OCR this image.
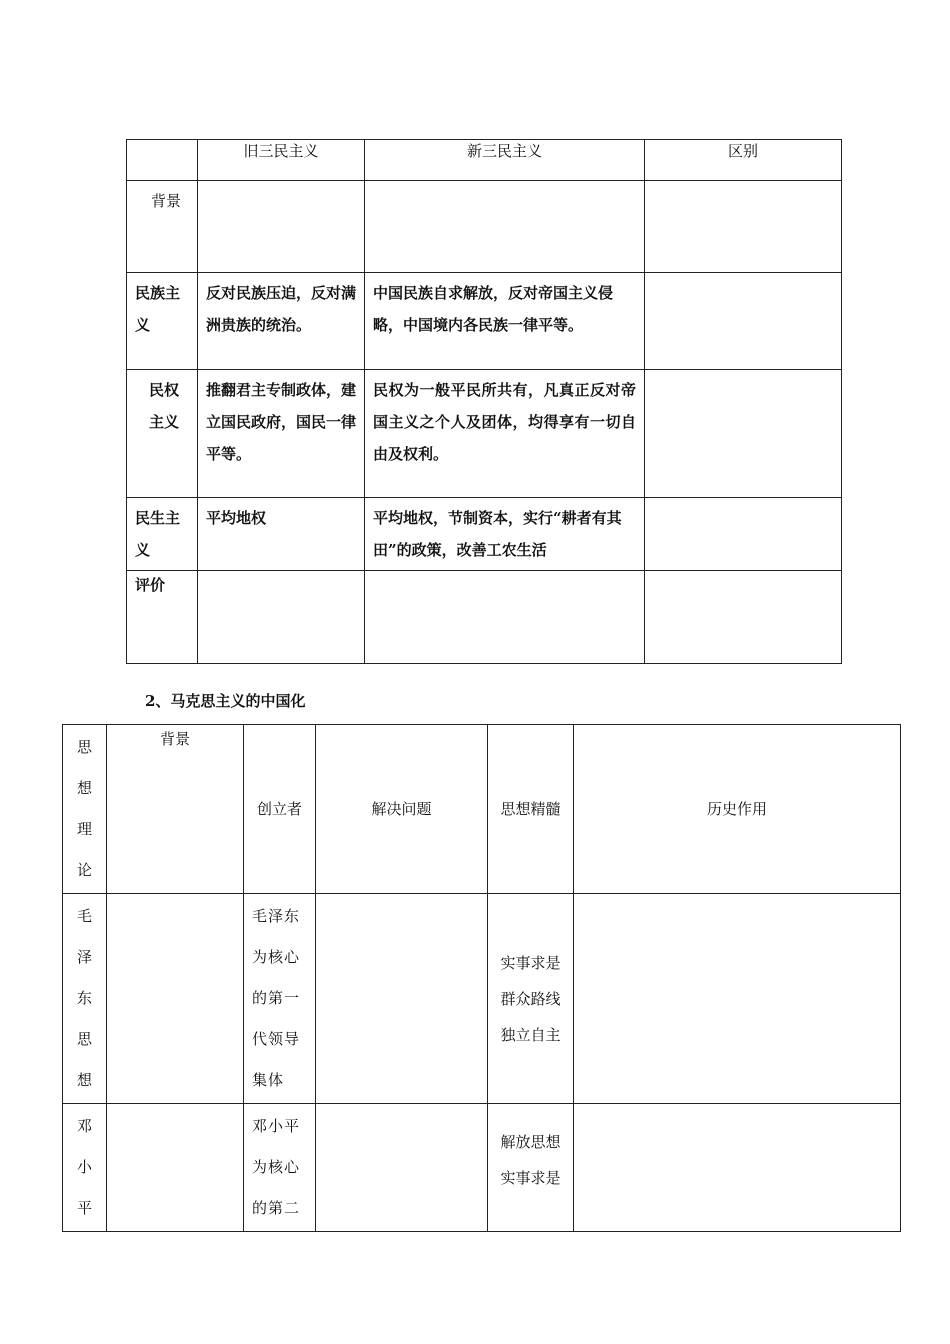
	旧三民主义	新三民主义	区别
背景			
民族主义	反对民族压迫，反对满洲贵族的统治。	中国民族自求解放，反对帝国主义侵略，中国境内各民族一律平等。	
民权主义	推翻君主专制政体，建立国民政府，国民一律平等。	民权为一般平民所共有，凡真正反对帝国主义之个人及团体，均得享有一切自由及权利。	
民生主义	平均地权	平均地权，节制资本，实行“耕者有其田”的政策，改善工农生活	
评价			
2、马克思主义的中国化
思想理论	背景	创立者	解决问题	思想精髓	历史作用

毛泽东思想		毛泽东为核心的第一代领导集体		实事求是群众路线独立自主	

邓小平		邓小平为核心的第二		解放思想实事求是	
